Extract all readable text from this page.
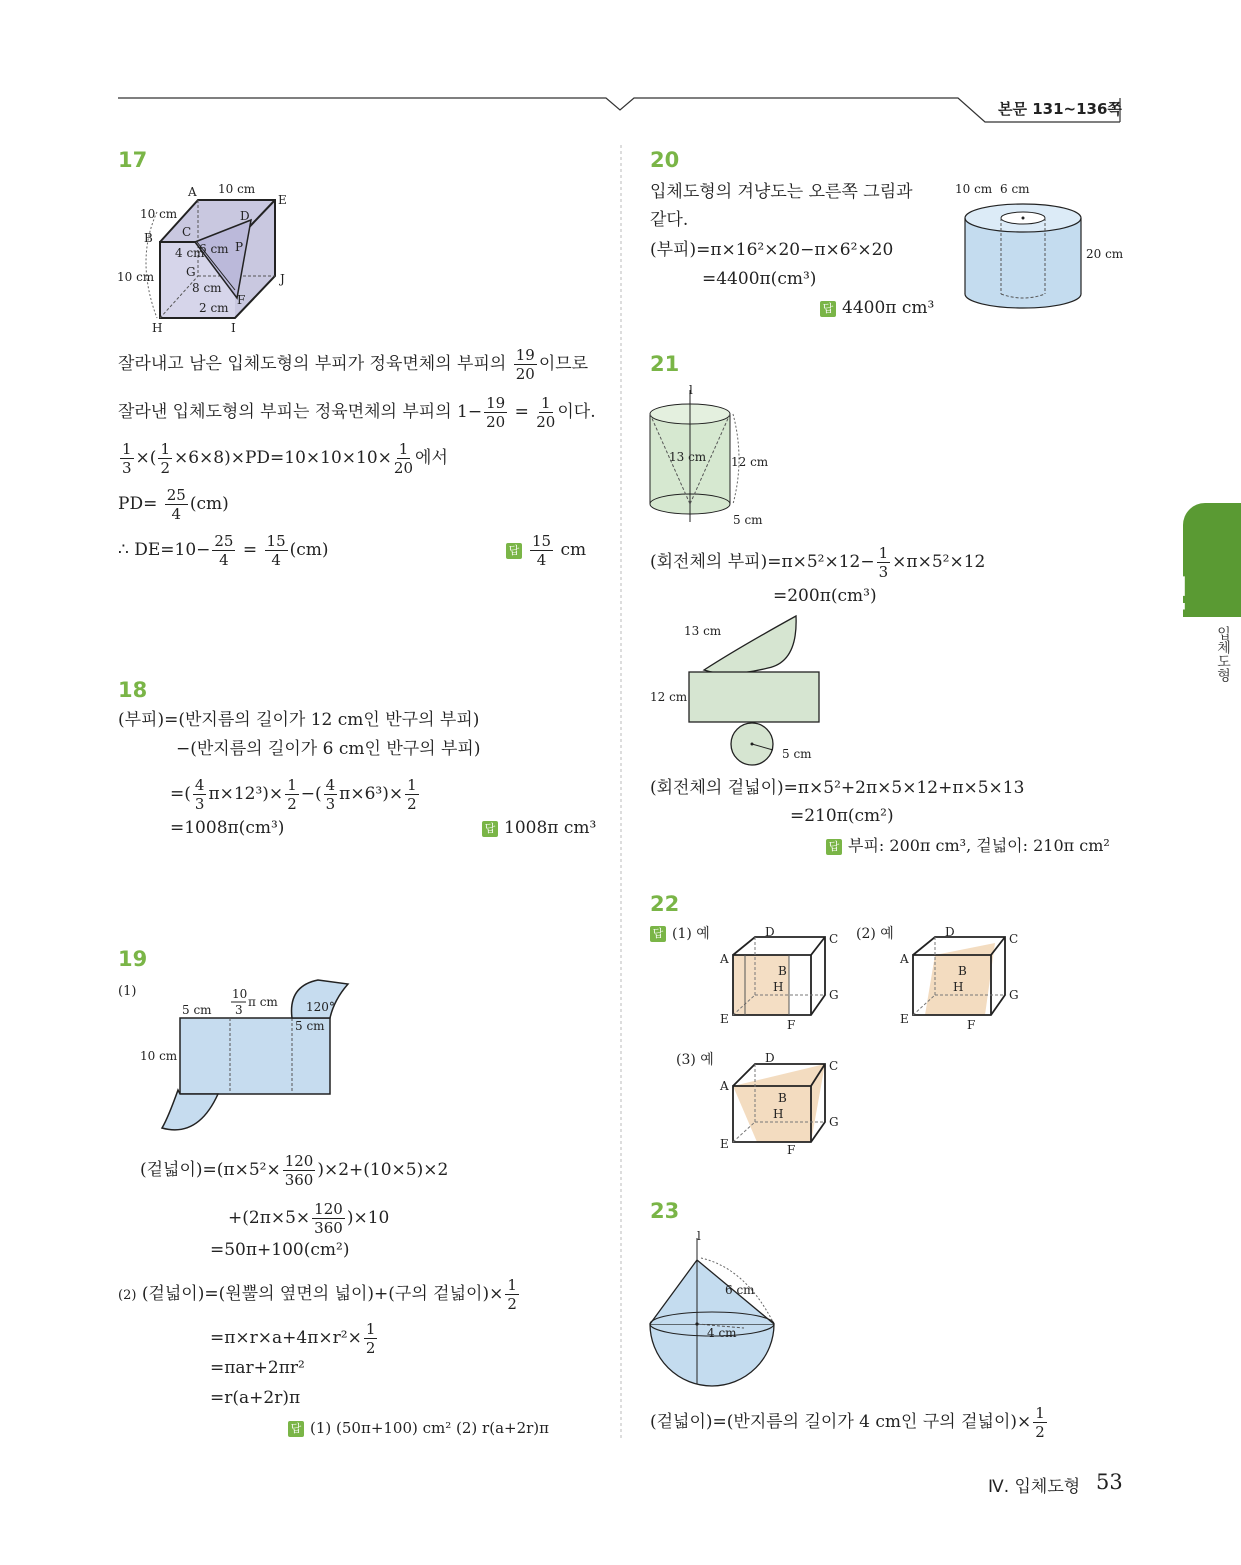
본문 131~136쪽
Ⅳ
입체도형
17
A 10 cm
E
10 cm	D
B C
4 cm
6 cm P
10 cm	G	J
8 cm
2 cm
F
H	I
잘라내고 남은 입체도형의 부피가 정육면체의 부피의 $\frac{19}{20}$ 이므로
잘라낸 입체도형의 부피는 정육면체의 부피의 $1- \frac{19}{20} = \frac{1}{20}$ 이다.
$\frac{1}{3}$ ×( $\frac{1}{2} \times 6\times 8)\times PD=10\times 10\times 10\times \frac{1}{20}$ 에서
$PD= \frac{25}{4} (cm)$
∴ $DE=10- \frac{25}{4} = \frac{15}{4} (cm)$	답 $\frac{15}{4}$ cm
18
(부피)=(반지름의 길이가 12 cm인 반구의 부피)
−(반지름의 길이가 6 cm인 반구의 부피)
=( $\frac{4}{3} \pi\times 12^3)\times \frac{1}{2}$ −( $\frac{4}{3} \pi\times 6^3)\times \frac{1}{2}$
=1008π(cm³)	답 1008π cm³
19
(1)
5 cm
10
3
π cm 120°
5 cm
10 cm
(겉넓이)$=(\pi\times 5^2\times \frac{120}{360} )\times 2+(10\times 5)\times 2$
$+(2\pi\times 5\times \frac{120}{360} )\times 10$
=50π+100(cm²)
(2) (겉넓이)=(원뿔의 옆면의 넓이)+(구의 겉넓이)× $\frac{1}{2}$
$=\pi\times r\times a+4\pi\times r^2\times \frac{1}{2}$
=πar+2πr²
=r(a+2r)π
답 (1) (50π+100) cm² (2) r(a+2r)π
20
입체도형의 겨냥도는 오른쪽 그림과
같다.
(부피)=π×16²×20−π×6²×20
=4400π(cm³)
답 4400π cm³
10 cm 6 cm
20 cm
21
l
13 cm 12 cm
5 cm
(회전체의 부피)$=\pi\times 5^2\times 12- \frac{1}{3} \times\pi\times 5^2\times 12$
=200π(cm³)
13 cm
12 cm
5 cm
(회전체의 겉넓이)=π×5²+2π×5×12+π×5×13
=210π(cm²)
답 부피: 200π cm³, 겉넓이: 210π cm²
22
답 (1) 예	(2) 예
(3) 예
D	C
A
B
H
G
E	F
D	C
A
B
H
G
E	F
D
C
A
B
H
G
E	F
23
l
6 cm
4 cm
(겉넓이)=(반지름의 길이가 4 cm인 구의 겉넓이)× $\frac{1}{2}$
Ⅳ. 입체도형 53
